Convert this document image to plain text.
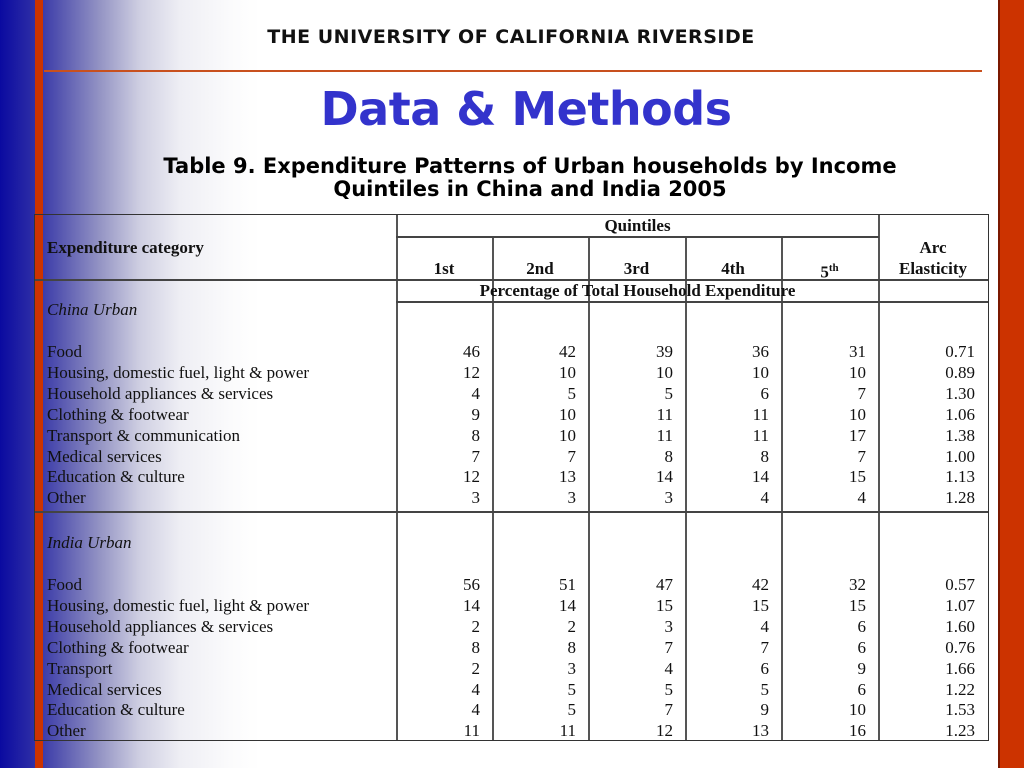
THE UNIVERSITY OF CALIFORNIA RIVERSIDE
Data & Methods
Table 9. Expenditure Patterns of Urban households by Income
Quintiles in China and India 2005
Expenditure category
Quintiles
1st	2nd	3rd	4th	5th
Arc
Elasticity
Percentage of Total Household Expenditure
China Urban
Food	46	42	39	36	31	0.71
Housing, domestic fuel, light & power	12	10	10	10	10	0.89
Household appliances & services	4	5	5	6	7	1.30
Clothing & footwear	9	10	11	11	10	1.06
Transport & communication	8	10	11	11	17	1.38
Medical services	7	7	8	8	7	1.00
Education & culture	12	13	14	14	15	1.13
Other	3	3	3	4	4	1.28
India Urban
Food	56	51	47	42	32	0.57
Housing, domestic fuel, light & power	14	14	15	15	15	1.07
Household appliances & services	2	2	3	4	6	1.60
Clothing & footwear	8	8	7	7	6	0.76
Transport	2	3	4	6	9	1.66
Medical services	4	5	5	5	6	1.22
Education & culture	4	5	7	9	10	1.53
Other	11	11	12	13	16	1.23
